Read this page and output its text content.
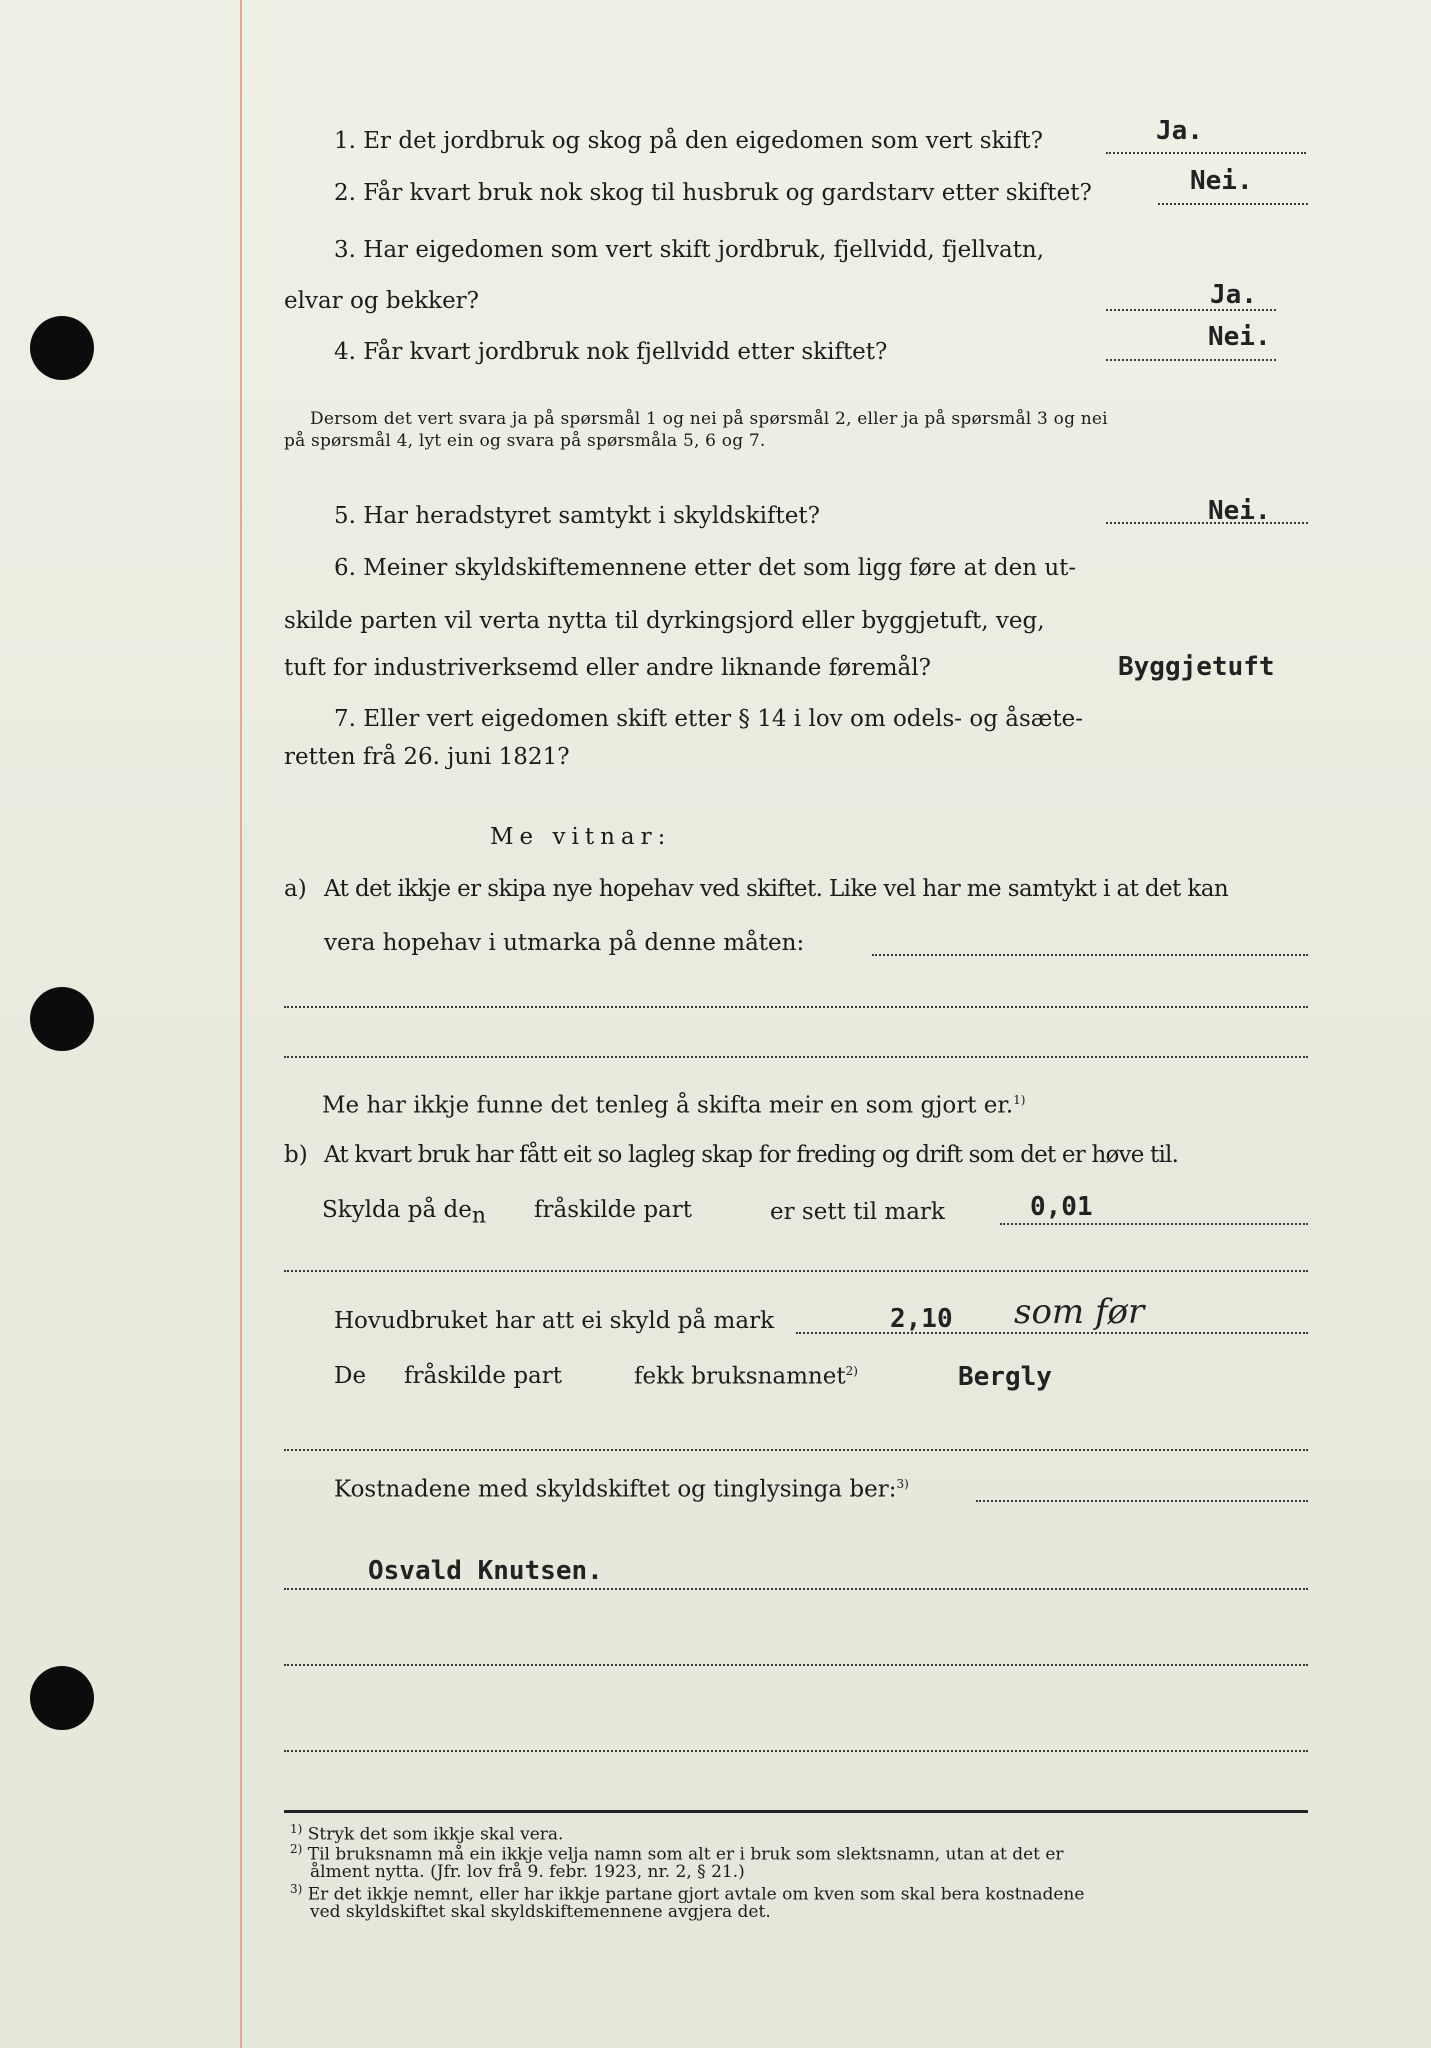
1. Er det jordbruk og skog på den eigedomen som vert skift?	Ja.
2. Får kvart bruk nok skog til husbruk og gardstarv etter skiftet?	Nei.
3. Har eigedomen som vert skift jordbruk, fjellvidd, fjellvatn,
elvar og bekker?	Ja.
4. Får kvart jordbruk nok fjellvidd etter skiftet?	Nei.
Dersom det vert svara ja på spørsmål 1 og nei på spørsmål 2, eller ja på spørsmål 3 og nei
på spørsmål 4, lyt ein og svara på spørsmåla 5, 6 og 7.
5. Har heradstyret samtykt i skyldskiftet?	Nei.
6. Meiner skyldskiftemennene etter det som ligg føre at den ut-
skilde parten vil verta nytta til dyrkingsjord eller byggjetuft, veg,
tuft for industriverksemd eller andre liknande føremål?	Byggjetuft
7. Eller vert eigedomen skift etter § 14 i lov om odels- og åsæte-
retten frå 26. juni 1821?
Me vitnar:
a) At det ikkje er skipa nye hopehav ved skiftet. Like vel har me samtykt i at det kan
vera hopehav i utmarka på denne måten:
Me har ikkje funne det tenleg å skifta meir en som gjort er.$^{1)}$
b) At kvart bruk har fått eit so lagleg skap for freding og drift som det er høve til.
Skylda på $de_n$ fråskilde part	er sett til mark	0,01
Hovudbruket har att ei skyld på mark	2,10 som før
De fråskilde part	fekk bruksnamnet$^{2)}$	Bergly
Kostnadene med skyldskiftet og tinglysinga ber:$^{3)}$
Osvald Knutsen.
$^{1)}$ Stryk det som ikkje skal vera.
$^{2)}$ Til bruksnamn må ein ikkje velja namn som alt er i bruk som slektsnamn, utan at det er
ålment nytta. (Jfr. lov frå 9. febr. 1923, nr. 2, § 21.)
$^{3)}$ Er det ikkje nemnt, eller har ikkje partane gjort avtale om kven som skal bera kostnadene
ved skyldskiftet skal skyldskiftemennene avgjera det.
